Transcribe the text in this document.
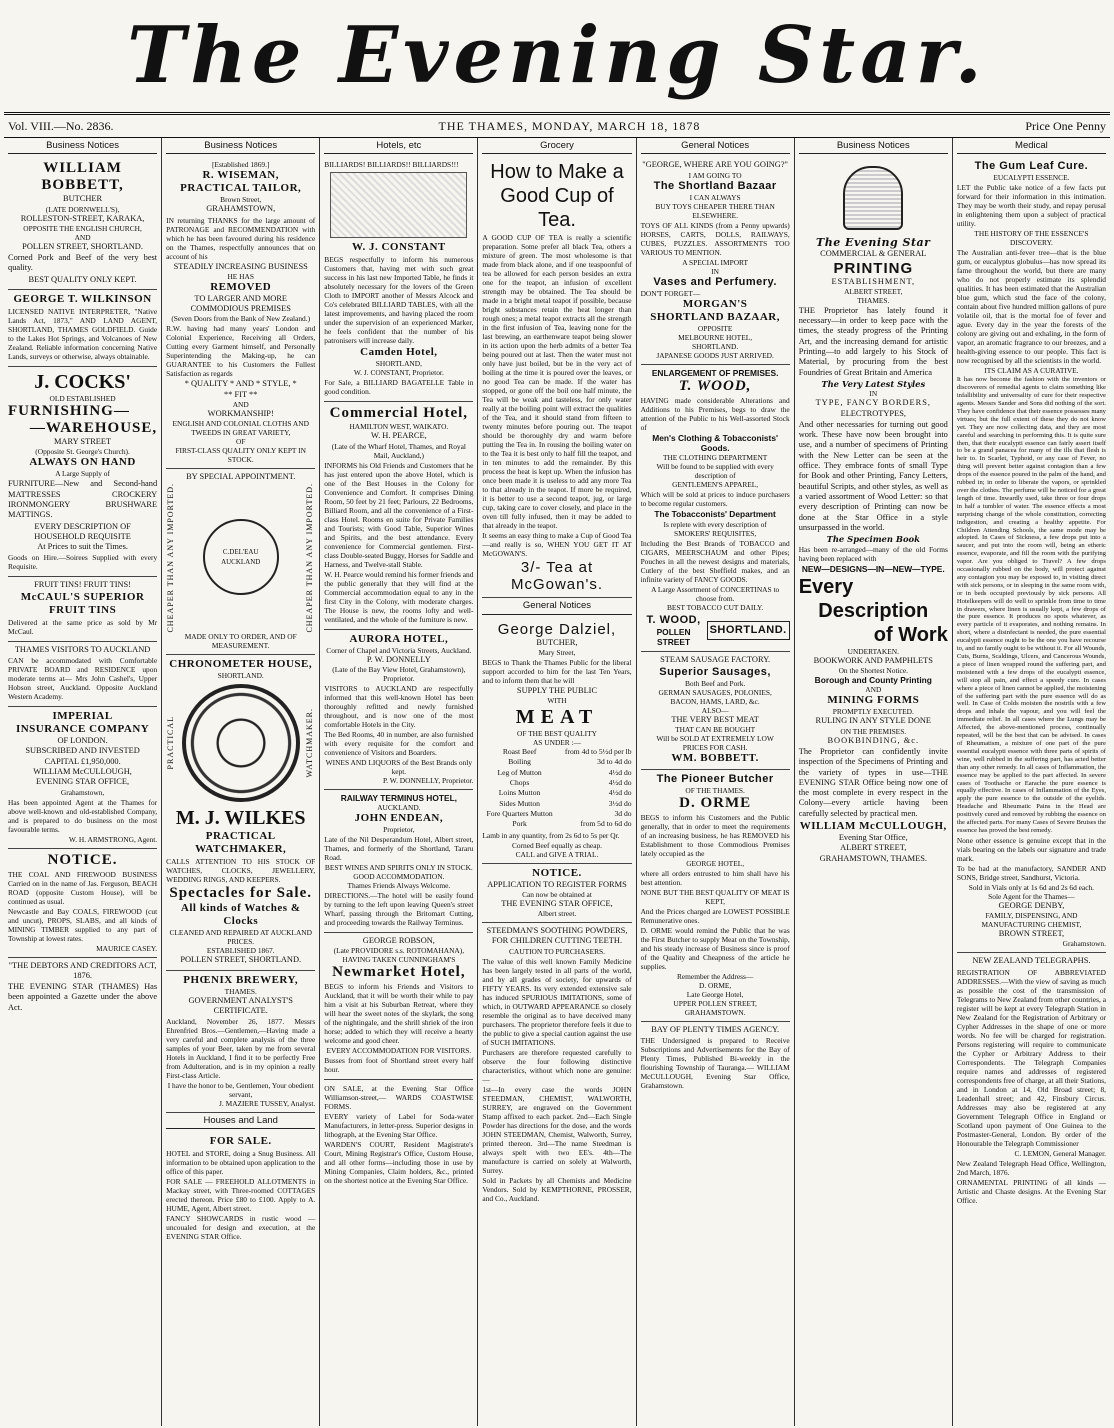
The Evening Star.
Vol. VIII.—No. 2836.	THE THAMES, MONDAY, MARCH 18, 1878	Price One Penny
Business Notices
WILLIAM BOBBETT,
BUTCHER
(LATE DORNWELL'S),
ROLLESTON-STREET, KARAKA,
OPPOSITE THE ENGLISH CHURCH,
AND
POLLEN STREET, SHORTLAND.

Corned Pork and Beef of the very best quality.

BEST QUALITY ONLY KEPT.
GEORGE T. WILKINSON

LICENSED NATIVE INTERPRETER, "Native Lands Act, 1873," AND LAND AGENT, SHORTLAND, THAMES GOLDFIELD. Guide to the Lakes Hot Springs, and Volcanoes of New Zealand. Reliable information concerning Native Lands, surveys or otherwise, always obtainable.

J. COCKS'
OLD ESTABLISHED
FURNISHING—
—WAREHOUSE,
MARY STREET
(Opposite St. George's Church).
ALWAYS ON HAND
A Large Supply of

FURNITURE—New and Second-hand MATTRESSES CROCKERY IRONMONGERY BRUSHWARE MATTINGS.

EVERY DESCRIPTION OF HOUSEHOLD REQUISITE
At Prices to suit the Times.

Goods on Hire.—Soirees Supplied with every Requisite.

FRUIT TINS! FRUIT TINS!
McCAUL'S SUPERIOR FRUIT TINS

Delivered at the same price as sold by Mr McCaul.

THAMES VISITORS TO AUCKLAND

CAN be accommodated with Comfortable PRIVATE BOARD and RESIDENCE upon moderate terms at— Mrs John Cashel's, Upper Hobson street, Auckland. Opposite Auckland Western Academy.

IMPERIAL
INSURANCE COMPANY
OF LONDON.
SUBSCRIBED AND INVESTED
CAPITAL £1,950,000.
WILLIAM McCULLOUGH,
EVENING STAR OFFICE,
Grahamstown,

Has been appointed Agent at the Thames for above well-known and old-established Company, and is prepared to do business on the most favourable terms.

W. H. ARMSTRONG, Agent.
NOTICE.

THE COAL AND FIREWOOD BUSINESS Carried on in the name of Jas. Ferguson, BEACH ROAD (opposite Custom House), will be continued as usual.

Newcastle and Bay COALS, FIREWOOD (cut and uncut), PROPS, SLABS, and all kinds of MINING TIMBER supplied to any part of Township at lowest rates.

MAURICE CASEY.
"THE DEBTORS AND CREDITORS ACT, 1876.

THE EVENING STAR (THAMES) Has been appointed a Gazette under the above Act.

Business Notices
[Established 1869.]
R. WISEMAN,
PRACTICAL TAILOR,
Brown Street,
GRAHAMSTOWN,

IN returning THANKS for the large amount of PATRONAGE and RECOMMENDATION with which he has been favoured during his residence on the Thames, respectfully announces that on account of his

STEADILY INCREASING BUSINESS
HE HAS
REMOVED
TO LARGER AND MORE COMMODIOUS PREMISES
(Seven Doors from the Bank of New Zealand.)

R.W. having had many years' London and Colonial Experience, Receiving all Orders, Cutting every Garment himself, and Personally Superintending the Making-up, he can GUARANTEE to his Customers the Fullest Satisfaction as regards

* QUALITY * AND * STYLE, *
** FIT **
AND
WORKMANSHIP!
ENGLISH AND COLONIAL CLOTHS AND TWEEDS IN GREAT VARIETY,
OF
FIRST-CLASS QUALITY ONLY KEPT IN STOCK.
BY SPECIAL APPOINTMENT.
CHEAPER THAN ANY IMPORTED.	C.DEL'EAU AUCKLAND	CHEAPER THAN ANY IMPORTED.
MADE ONLY TO ORDER, AND OF MEASUREMENT.
CHRONOMETER HOUSE,
SHORTLAND.
PRACTICAL	WATCHMAKER.
M. J. WILKES
PRACTICAL WATCHMAKER,

CALLS ATTENTION TO HIS STOCK OF WATCHES, CLOCKS, JEWELLERY, WEDDING RINGS, AND KEEPERS.

Spectacles for Sale.
All kinds of Watches & Clocks
CLEANED AND REPAIRED AT AUCKLAND PRICES.
ESTABLISHED 1867.
POLLEN STREET, SHORTLAND.
PHŒNIX BREWERY,
THAMES.
GOVERNMENT ANALYST'S CERTIFICATE.

Auckland, November 26, 1877. Messrs Ehrenfried Bros.—Gentlemen,—Having made a very careful and complete analysis of the three samples of your Beer, taken by me from several Hotels in Auckland, I find it to be perfectly Free from Adulteration, and is in my opinion a really First-class Article.

I have the honor to be, Gentlemen, Your obedient servant,
J. MAZIERE TUSSEY, Analyst.
Houses and Land
FOR SALE.

HOTEL and STORE, doing a Snug Business. All information to be obtained upon application to the office of this paper.

FOR SALE — FREEHOLD ALLOTMENTS in Mackay street, with Three-roomed COTTAGES erected thereon. Price £80 to £100. Apply to A. HUME, Agent, Albert street.

FANCY SHOWCARDS in rustic wood — uncoualed for design and execution, at the EVENING STAR Office.

Hotels, etc
BILLIARDS! BILLIARDS!! BILLIARDS!!!
W. J. CONSTANT

BEGS respectfully to inform his numerous Customers that, having met with such great success in his last new Imported Table, he finds it absolutely necessary for the lovers of the Green Cloth to IMPORT another of Messrs Alcock and Co's celebrated BILLIARD TABLES, with all the latest improvements, and having placed the room under the supervision of an experienced Marker, he feels confident that the number of his patronisers will increase daily.

Camden Hotel,
SHORTLAND,
W. J. CONSTANT, Proprietor.

For Sale, a BILLIARD BAGATELLE Table in good condition.

Commercial Hotel,
HAMILTON WEST, WAIKATO.
W. H. PEARCE,
(Late of the Wharf Hotel, Thames, and Royal Mail, Auckland,)

INFORMS his Old Friends and Customers that he has just entered upon the above Hotel, which is one of the Best Houses in the Colony for Convenience and Comfort. It comprises Dining Room, 50 feet by 21 feet; Parlours, 22 Bedrooms, Billiard Room, and all the convenience of a First-class Hotel. Rooms en suite for Private Families and Tourists; with Good Table, Superior Wines and Spirits, and the best attendance. Every convenience for Commercial gentlemen. First-class Double-seated Buggy, Horses for Saddle and Harness, and Twelve-stall Stable.

W. H. Pearce would remind his former friends and the public generally that they will find at the Commercial accommodation equal to any in the first City in the Colony, with moderate charges. The House is new, the rooms lofty and well-ventilated, and the whole of the furniture is new.

AURORA HOTEL,
Corner of Chapel and Victoria Streets, Auckland.
P. W. DONNELLY
(Late of the Bay View Hotel, Grahamstown), Proprietor.

VISITORS to AUCKLAND are respectfully informed that this well-known Hotel has been thoroughly refitted and newly furnished throughout, and is now one of the most comfortable Hotels in the City.

The Bed Rooms, 40 in number, are also furnished with every requisite for the comfort and convenience of Visitors and Boarders.

WINES AND LIQUORS of the Best Brands only kept.
P. W. DONNELLY, Proprietor.
RAILWAY TERMINUS HOTEL,
AUCKLAND.
JOHN ENDEAN,
Proprietor,

Late of the Nil Desperandum Hotel, Albert street, Thames, and formerly of the Shortland, Tararu Road.

BEST WINES AND SPIRITS ONLY IN STOCK.
GOOD ACCOMMODATION.
Thames Friends Always Welcome.

DIRECTIONS.—The hotel will be easily found by turning to the left upon leaving Queen's street Wharf, passing through the Britomart Cutting, and proceeding towards the Railway Terminus.

GEORGE ROBSON,
(Late PROVIDORE s.s. ROTOMAHANA),
HAVING TAKEN CUNNINGHAM'S
Newmarket Hotel,

BEGS to inform his Friends and Visitors to Auckland, that it will be worth their while to pay him a visit at his Suburban Retreat, where they will hear the sweet notes of the skylark, the song of the nightingale, and the shrill shriek of the iron horse; added to which they will receive a hearty welcome and good cheer.

EVERY ACCOMMODATION FOR VISITORS.

Busses from foot of Shortland street every half hour.

ON SALE, at the Evening Star Office Williamson-street,— WARDS COASTWISE FORMS.

EVERY variety of Label for Soda-water Manufacturers, in letter-press. Superior designs in lithograph, at the Evening Star Office.

WARDEN'S COURT, Resident Magistrate's Court, Mining Registrar's Office, Custom House, and all other forms—including those in use by Mining Companies, Claim holders, &c., printed on the shortest notice at the Evening Star Office.

Grocery
How to Make a Good Cup of Tea.

A GOOD CUP OF TEA is really a scientific preparation. Some prefer all black Tea, others a mixture of green. The most wholesome is that made from black alone, and if one teaspoonful of tea be allowed for each person besides an extra one for the teapot, an infusion of excellent strength may be obtained. The Tea should be made in a bright metal teapot if possible, because bright substances retain the heat longer than rough ones; a metal teapot extracts all the strength in the first infusion of Tea, leaving none for the last brewing, an earthenware teapot being slower in its action upon the herb admits of a better Tea being poured out at last. Then the water must not only have just boiled, but be in the very act of boiling at the time it is poured over the leaves, or no good Tea can be made. If the water has stopped, or gone off the boil one half minute, the Tea will be weak and tasteless, for only water really at the boiling point will extract the qualities of the Tea, and it should stand from fifteen to twenty minutes before pouring out. The teapot should be thoroughly dry and warm before putting the Tea in. In rousing the boiling water on to the Tea it is best only to half fill the teapot, and in ten minutes to add the remainder. By this process the heat is kept up. When the infusion has once been made it is useless to add any more Tea to that already in the teapot. If more be required, it is better to use a second teapot, jug, or large cup, taking care to cover closely, and place in the oven till fully infused, then it may be added to that already in the teapot.

It seems an easy thing to make a Cup of Good Tea—and really is so, WHEN YOU GET IT AT McGOWAN'S.

3/- Tea at McGowan's.
General Notices
George Dalziel,
BUTCHER,
Mary Street,

BEGS to Thank the Thames Public for the liberal support accorded to him for the last Ten Years, and to inform them that he will

SUPPLY THE PUBLIC
WITH
MEAT
OF THE BEST QUALITY
AS UNDER :—
Roast Beef	from 4d to 5½d per lb
Boiling	3d to 4d do
Leg of Mutton	4½d do
Chops	4½d do
Loins Mutton	4½d do
Sides Mutton	3½d do
Fore Quarters Mutton	3d do
Pork	from 5d to 6d do

Lamb in any quantity, from 2s 6d to 5s per Qr.

Corned Beef equally as cheap.
CALL and GIVE A TRIAL.
NOTICE.
APPLICATION TO REGISTER FORMS
Can now be obtained at
THE EVENING STAR OFFICE,
Albert street.
STEEDMAN'S SOOTHING POWDERS, FOR CHILDREN CUTTING TEETH.
CAUTION TO PURCHASERS.

The value of this well known Family Medicine has been largely tested in all parts of the world, and by all grades of society, for upwards of FIFTY YEARS. Its very extended extensive sale has induced SPURIOUS IMITATIONS, some of which, in OUTWARD APPEARANCE so closely resemble the original as to have deceived many purchasers. The proprietor therefore feels it due to the public to give a special caution against the use of SUCH IMITATIONS.

Purchasers are therefore requested carefully to observe the four following distinctive characteristics, without which none are genuine:—

1st—In every case the words JOHN STEEDMAN, CHEMIST, WALWORTH, SURREY, are engraved on the Government Stamp affixed to each packet. 2nd—Each Single Powder has directions for the dose, and the words JOHN STEEDMAN, Chemist, Walworth, Surrey, printed thereon. 3rd—The name Steedman is always spelt with two EE's. 4th—The manufacture is carried on solely at Walworth, Surrey.

Sold in Packets by all Chemists and Medicine Vendors. Sold by KEMPTHORNE, PROSSER, and Co., Auckland.

General Notices
"GEORGE, WHERE ARE YOU GOING?"
I AM GOING TO
The Shortland Bazaar
I CAN ALWAYS
BUY TOYS CHEAPER THERE THAN ELSEWHERE.

TOYS OF ALL KINDS (from a Penny upwards) HORSES, CARTS, DOLLS, RAILWAYS, CUBES, PUZZLES. ASSORTMENTS TOO VARIOUS TO MENTION.

A SPECIAL IMPORT
IN
Vases and Perfumery.
DON'T FORGET—
MORGAN'S
SHORTLAND BAZAAR,
OPPOSITE
MELBOURNE HOTEL,
SHORTLAND.
JAPANESE GOODS JUST ARRIVED.
ENLARGEMENT OF PREMISES.
T. WOOD,

HAVING made considerable Alterations and Additions to his Premises, begs to draw the attention of the Public to his Well-assorted Stock of

Men's Clothing & Tobacconists' Goods.
THE CLOTHING DEPARTMENT
Will be found to be supplied with every description of
GENTLEMEN'S APPAREL,

Which will be sold at prices to induce purchasers to become regular customers.

The Tobacconists' Department
Is replete with every description of
SMOKERS' REQUISITES,

Including the Best Brands of TOBACCO and CIGARS, MEERSCHAUM and other Pipes; Pouches in all the newest designs and materials, Cutlery of the best Sheffield makes, and an infinite variety of FANCY GOODS.

A Large Assortment of CONCERTINAS to choose from.
BEST TOBACCO CUT DAILY.
T. WOOD,
POLLEN STREET
SHORTLAND.
STEAM SAUSAGE FACTORY.
Superior Sausages,
Both Beef and Pork.
GERMAN SAUSAGES, POLONIES,
BACON, HAMS, LARD, &c.
ALSO—
THE VERY BEST MEAT
THAT CAN BE BOUGHT
Will be SOLD AT EXTREMELY LOW
PRICES FOR CASH.
WM. BOBBETT.
The Pioneer Butcher
OF THE THAMES.
D. ORME

BEGS to inform his Customers and the Public generally, that in order to meet the requirements of an increasing business, he has REMOVED his Establishment to those Commodious Premises lately occupied as the

GEORGE HOTEL,

where all orders entrusted to him shall have his best attention.

NONE BUT THE BEST QUALITY OF MEAT IS KEPT,

And the Prices charged are LOWEST POSSIBLE Remunerative ones.

D. ORME would remind the Public that he was the First Butcher to supply Meat on the Township, and his steady increase of Business since is proof of the Quality and Cheapness of the article he supplies.

Remember the Address—
D. ORME,
Late George Hotel,
UPPER POLLEN STREET,
GRAHAMSTOWN.
BAY OF PLENTY TIMES AGENCY.

THE Undersigned is prepared to Receive Subscriptions and Advertisements for the Bay of Plenty Times, Published Bi-weekly in the flourishing Township of Tauranga.— WILLIAM McCULLOUGH, Evening Star Office, Grahamstown.

Business Notices
The Evening Star
COMMERCIAL & GENERAL
PRINTING
ESTABLISHMENT,
ALBERT STREET,
THAMES.

THE Proprietor has lately found it necessary—in order to keep pace with the times, the steady progress of the Printing Art, and the increasing demand for artistic Printing—to add largely to his Stock of Material, by procuring from the best Foundries of Great Britain and America

The Very Latest Styles
IN
TYPE, FANCY BORDERS,
ELECTROTYPES,

And other necessaries for turning out good work. These have now been brought into use, and a number of specimens of Printing with the New Letter can be seen at the office. They embrace fonts of small Type for Book and other Printing, Fancy Letters, beautiful Scripts, and other styles, as well as a varied assortment of Wood Letter: so that every description of Printing can now be done at the Star Office in a style unsurpassed in the world.

The Specimen Book

Has been re-arranged—many of the old Forms having been replaced with

NEW—DESIGNS—IN—NEW—TYPE.
Every
Description
of Work
UNDERTAKEN.
BOOKWORK AND PAMPHLETS
On the Shortest Notice.
Borough and County Printing
AND
MINING FORMS
PROMPTLY EXECUTED.
RULING IN ANY STYLE DONE
ON THE PREMISES.
BOOKBINDING, &c.

The Proprietor can confidently invite inspection of the Specimens of Printing and the variety of types in use—THE EVENING STAR Office being now one of the most complete in every respect in the Colony—every article having been carefully selected by practical men.

WILLIAM McCULLOUGH,
Evening Star Office,
ALBERT STREET,
GRAHAMSTOWN, THAMES.
Medical
The Gum Leaf Cure.
EUCALYPTI ESSENCE.

LET the Public take notice of a few facts put forward for their information in this intimation. They may be worth their study, and repay perusal in enlightening them upon a subject of practical utility.

THE HISTORY OF THE ESSENCE'S DISCOVERY.

The Australian anti-fever tree—that is the blue gum, or eucalyptus globulus—has now spread its fame throughout the world, but there are many who do not properly estimate its splendid qualities. It has been estimated that the Australian blue gum, which stud the face of the colony, contain about five hundred million gallons of pure volatile oil, that is the mortal foe of fever and ague. Every day in the year the forests of the colony are giving out and exhaling, in the form of vapor, an aromatic fragrance to our breezes, and a health-giving essence to our people. This fact is now recognised by all the scientists in the world.

ITS CLAIM AS A CURATIVE.

It has now become the fashion with the inventors or discoverers of remedial agents to claim something like infallibility and universality of cure for their respective agents. Messrs Sander and Sons did nothing of the sort. They have confidence that their essence possesses many virtues; but the full extent of these they do not know yet. They are now collecting data, and they are most careful and searching in performing this. It is quite sure then, that their eucalypti essence can fairly assert itself to be a grand panacea for many of the ills that flesh is heir to. In Scarlet, Typhoid, or any case of Fever, no thing will prevent better against contagion than a few drops of the essence poured in the palm of the hand, and rubbed in; in order to liberate the vapors, or sprinkled over the clothes. The perfume will be noticed for a great length of time. Inwardly used, take three or four drops in half a tumbler of water. The essence effects a most surprising change of the whole constitution, correcting indigestion, and creating a healthy appetite. For Children Attending Schools, the same mode may be adopted. In Cases of Sickness, a few drops put into a saucer, and put into the room will, being an etheric essence, evaporate, and fill the room with the purifying vapor. Are you obliged to Travel? A few drops occasionally rubbed on the body, will protect against any contagion you may be exposed to, in visiting direct with sick persons, or in sleeping in the same room with, or in beds occupied previously by sick persons. All Hotelkeepers will do well to sprinkle from time to time in drawers, where linen is usually kept, a few drops of the pure essence. It produces no spots whatever, as every particle of it evaporates, and nothing remains. In short, where a disinfectant is needed, the pure essential eucalypti essence ought to be the one you have recourse to, and no family ought to be without it. For all Wounds, Cuts, Burns, Scaldings, Ulcers, and Cancerous Wounds, a piece of linen wrapped round the suffering part, and moistened with a few drops of the eucalypti essence, will stop all pain, and effect a speedy cure. In cases where a piece of linen cannot be applied, the moistening of the suffering part with the pure essence will do as well. In Case of Colds moisten the nostrils with a few drops and inhale the vapour, and you will feel the immediate relief. In all cases where the Lungs may be Affected, the above-mentioned process, continually repeated, will be the best that can be advised. In cases of Rheumatism, a mixture of one part of the pure essential eucalypti essence with three parts of spirits of wine, well rubbed in the suffering part, has acted better than any other remedy. In all cases of Inflammation, the essence may be applied to the part affected. In severe cases of Toothache or Earache the pure essence is equally effective. In cases of Inflammation of the Eyes, apply the pure essence to the outside of the eyelids. Headache and Rheumatic Pains in the Head are positively cured and removed by rubbing the essence on the affected parts. For many Cases of Severe Bruises the essence has proved the best remedy.

None other essence is genuine except that in the vials bearing on the labels our signature and trade mark.

To be had at the manufactory, SANDER AND SONS, Bridge street, Sandhurst, Victoria.

Sold in Vials only at 1s 6d and 2s 6d each.
Sole Agent for the Thames—
GEORGE DENBY,
FAMILY, DISPENSING, AND MANUFACTURING CHEMIST,
BROWN STREET,
Grahamstown.
NEW ZEALAND TELEGRAPHS.

REGISTRATION OF ABBREVIATED ADDRESSES.—With the view of saving as much as possible the cost of the transmission of Telegrams to New Zealand from other countries, a register will be kept at every Telegraph Station in New Zealand for the Registration of Arbitrary or Cypher Addresses in the shape of one or more words. No fee will be charged for registration. Persons registering will require to communicate the Cypher or Arbitrary Address to their Correspondents. The Telegraph Companies require names and addresses of registered correspondents free of charge, at all their Stations, and in London at 14, Old Broad street; 8, Leadenhall street; and 42, Finsbury Circus. Addresses may also be registered at any Government Telegraph Office in England or Scotland upon payment of One Guinea to the Postmaster-General, London. By order of the Honourable the Telegraph Commissioner

C. LEMON, General Manager.

New Zealand Telegraph Head Office, Wellington, 2nd March, 1876.

ORNAMENTAL PRINTING of all kinds — Artistic and Chaste designs. At the Evening Star Office.
